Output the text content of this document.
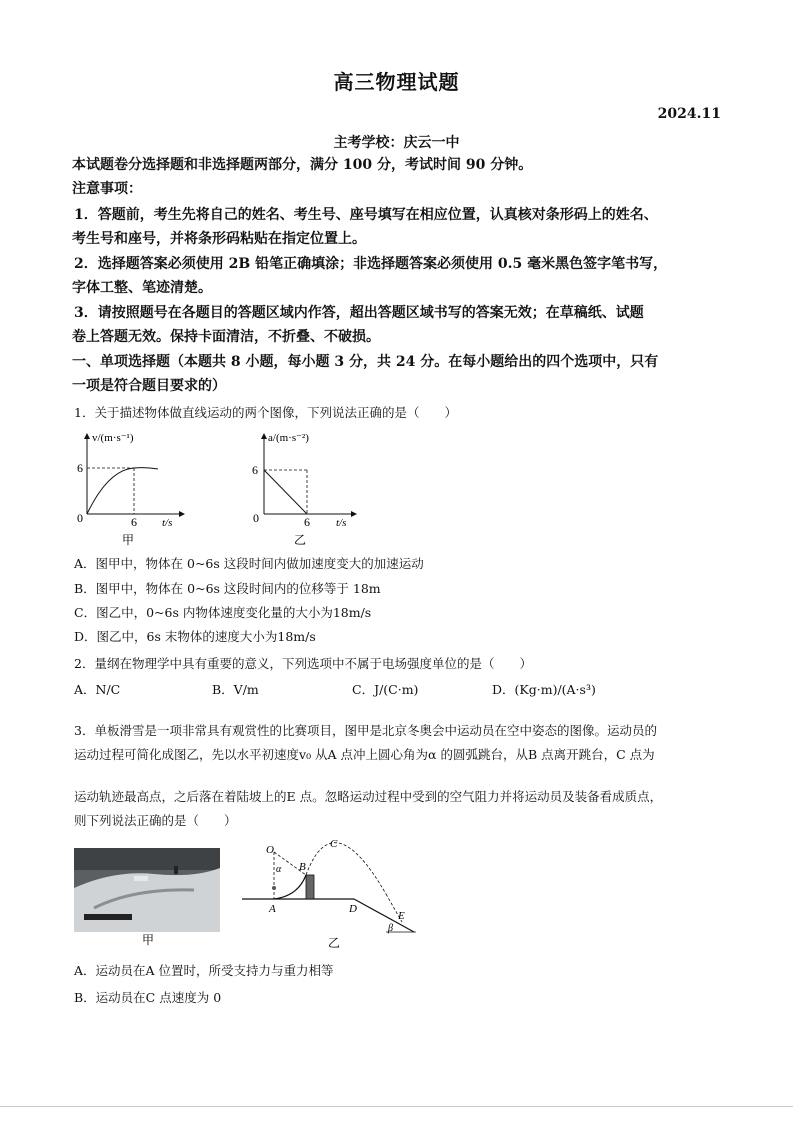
高三物理试题
2024.11
主考学校：庆云一中
本试题卷分选择题和非选择题两部分，满分 100 分，考试时间 90 分钟。
注意事项：
1．答题前，考生先将自己的姓名、考生号、座号填写在相应位置，认真核对条形码上的姓名、
考生号和座号，并将条形码粘贴在指定位置上。
2．选择题答案必须使用 2B 铅笔正确填涂；非选择题答案必须使用 0.5 毫米黑色签字笔书写，
字体工整、笔迹清楚。
3．请按照题号在各题目的答题区域内作答，超出答题区域书写的答案无效；在草稿纸、试题
卷上答题无效。保持卡面清洁，不折叠、不破损。
一、单项选择题（本题共 8 小题，每小题 3 分，共 24 分。在每小题给出的四个选项中，只有
一项是符合题目要求的）
1．关于描述物体做直线运动的两个图像，下列说法正确的是（　　）
v/(m·s⁻¹)
6
0	6 t/s
甲
a/(m·s⁻²)
6
0	6 t/s
乙
A．图甲中，物体在 0~6s 这段时间内做加速度变大的加速运动
B．图甲中，物体在 0~6s 这段时间内的位移等于 18m
C．图乙中，0~6s 内物体速度变化量的大小为18m/s
D．图乙中，6s 末物体的速度大小为18m/s
2．量纲在物理学中具有重要的意义，下列选项中不属于电场强度单位的是（　　）
A．N/C	B．V/m	C．J/(C·m)	D．(Kg·m)/(A·s³)
3．单板滑雪是一项非常具有观赏性的比赛项目，图甲是北京冬奥会中运动员在空中姿态的图像。运动员的
运动过程可简化成图乙，先以水平初速度v₀ 从A 点冲上圆心角为α 的圆弧跳台，从B 点离开跳台，C 点为
运动轨迹最高点，之后落在着陆坡上的E 点。忽略运动过程中受到的空气阻力并将运动员及装备看成质点，
则下列说法正确的是（　　）
甲
O
α B
C
A	D
E
β
乙
A．运动员在A 位置时，所受支持力与重力相等
B．运动员在C 点速度为 0
